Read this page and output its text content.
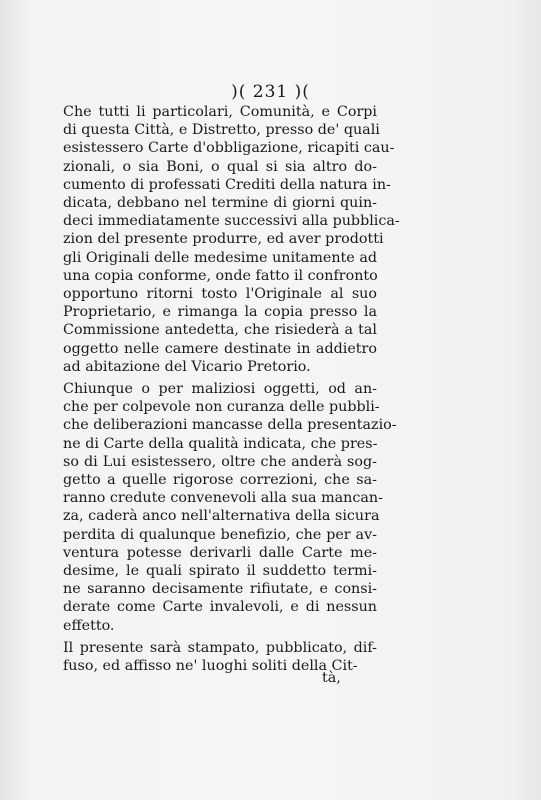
)( 231 )(
Che tutti li particolari, Comunità, e Corpi
di questa Città, e Distretto, presso de' quali
esistessero Carte d'obbligazione, ricapiti cau-
zionali, o sia Boni, o qual si sia altro do-
cumento di professati Crediti della natura in-
dicata, debbano nel termine di giorni quin-
deci immediatamente successivi alla pubblica-
zion del presente produrre, ed aver prodotti
gli Originali delle medesime unitamente ad
una copia conforme, onde fatto il confronto
opportuno ritorni tosto l'Originale al suo
Proprietario, e rimanga la copia presso la
Commissione antedetta, che risiederà a tal
oggetto nelle camere destinate in addietro
ad abitazione del Vicario Pretorio.
Chiunque o per maliziosi oggetti, od an-
che per colpevole non curanza delle pubbli-
che deliberazioni mancasse della presentazio-
ne di Carte della qualità indicata, che pres-
so di Lui esistessero, oltre che anderà sog-
getto a quelle rigorose correzioni, che sa-
ranno credute convenevoli alla sua mancan-
za, caderà anco nell'alternativa della sicura
perdita di qualunque benefizio, che per av-
ventura potesse derivarli dalle Carte me-
desime, le quali spirato il suddetto termi-
ne saranno decisamente rifiutate, e consi-
derate come Carte invalevoli, e di nessun
effetto.
Il presente sarà stampato, pubblicato, dif-
fuso, ed affisso ne' luoghi soliti della Cit-
tà,
